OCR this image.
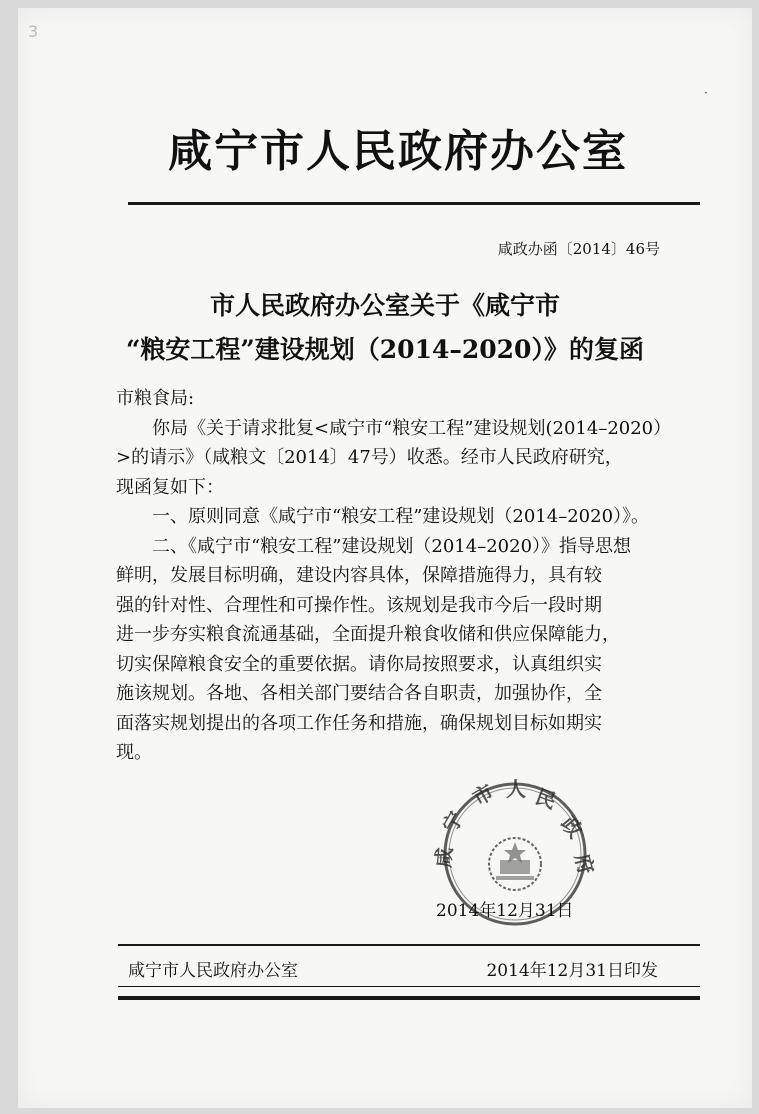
3
·
咸宁市人民政府办公室
咸政办函〔2014〕46号
市人民政府办公室关于《咸宁市
“粮安工程”建设规划（2014–2020）》的复函

市粮食局:

你局《关于请求批复<咸宁市“粮安工程”建设规划(2014–2020）

>的请示》（咸粮文〔2014〕47号）收悉。经市人民政府研究，

现函复如下：

一、原则同意《咸宁市“粮安工程”建设规划（2014–2020）》。

二、《咸宁市“粮安工程”建设规划（2014–2020）》指导思想

鲜明，发展目标明确，建设内容具体，保障措施得力，具有较

强的针对性、合理性和可操作性。该规划是我市今后一段时期

进一步夯实粮食流通基础，全面提升粮食收储和供应保障能力，

切实保障粮食安全的重要依据。请你局按照要求，认真组织实

施该规划。各地、各相关部门要结合各自职责，加强协作，全

面落实规划提出的各项工作任务和措施，确保规划目标如期实

现。

市 人 民
政
府
宁
咸
2014年12月31日
咸宁市人民政府办公室	2014年12月31日印发
